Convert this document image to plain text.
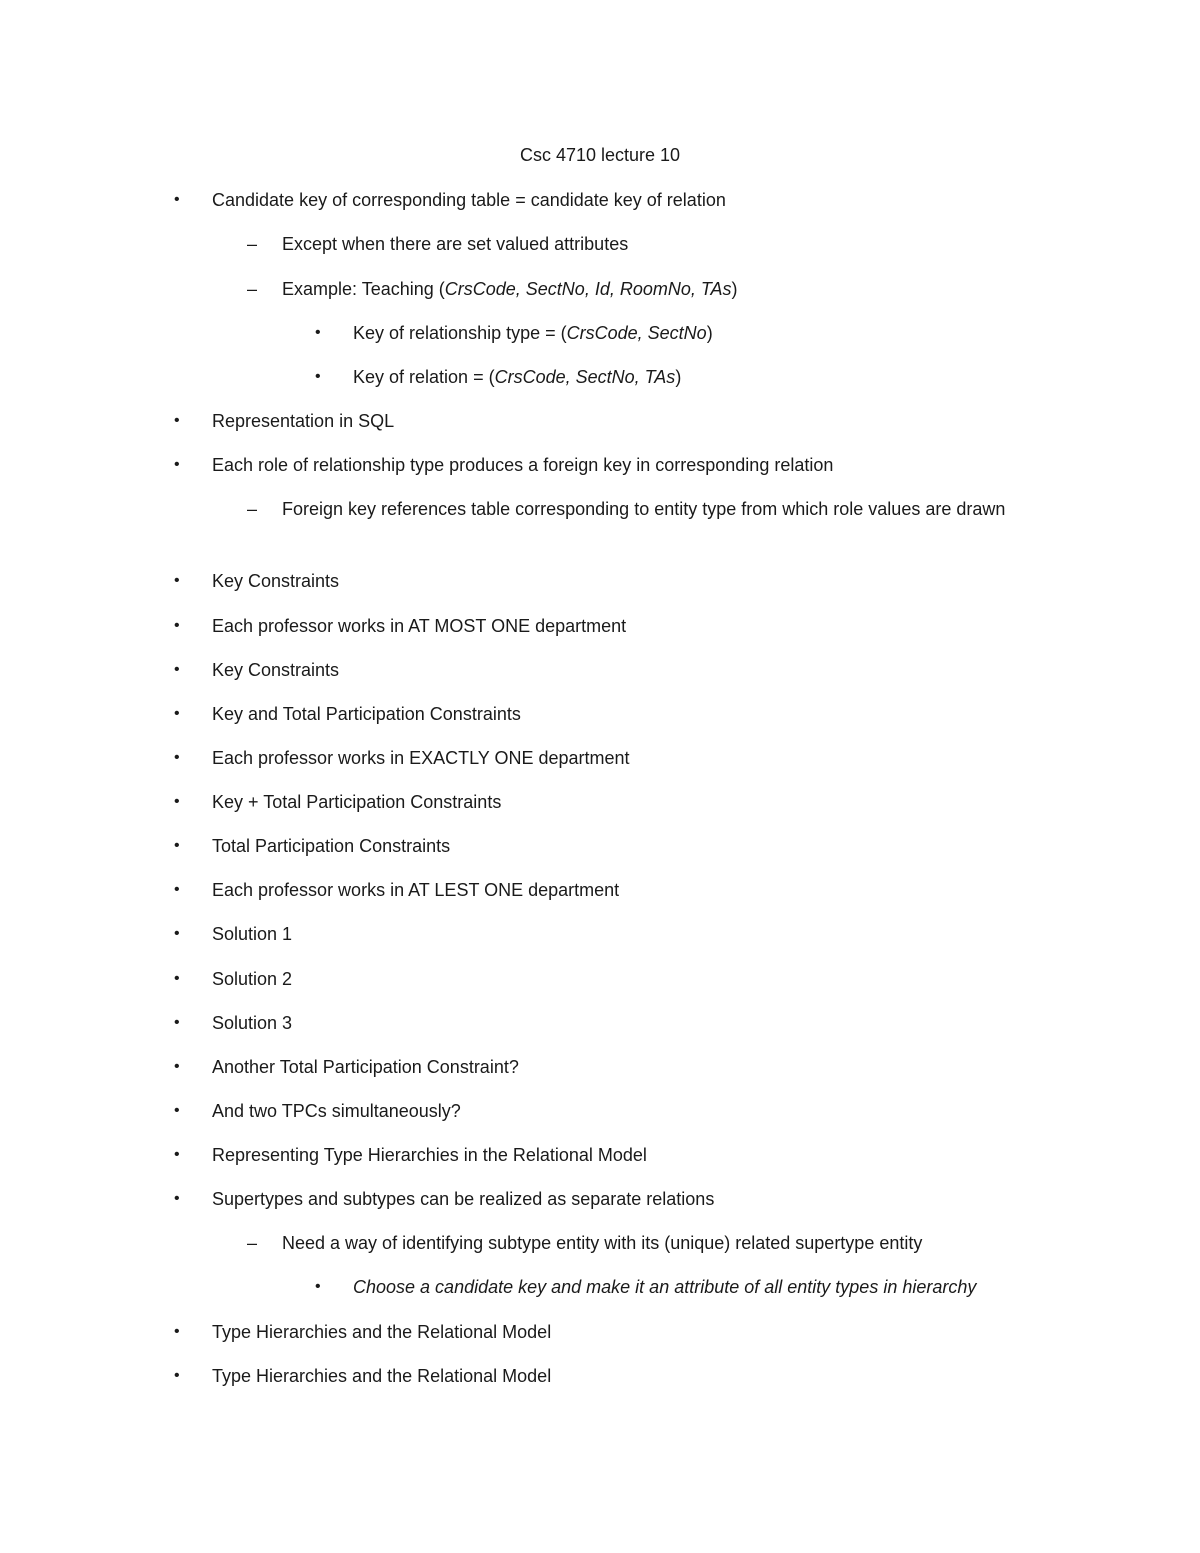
Csc 4710 lecture 10
• Candidate key of corresponding table = candidate key of relation
– Except when there are set valued attributes
– Example: Teaching (CrsCode, SectNo, Id, RoomNo, TAs)
• Key of relationship type = (CrsCode, SectNo)
• Key of relation = (CrsCode, SectNo, TAs)
• Representation in SQL
• Each role of relationship type produces a foreign key in corresponding relation
– Foreign key references table corresponding to entity type from which role values are drawn
• Key Constraints
• Each professor works in AT MOST ONE department
• Key Constraints
• Key and Total Participation Constraints
• Each professor works in EXACTLY ONE department
• Key + Total Participation Constraints
• Total Participation Constraints
• Each professor works in AT LEST ONE department
• Solution 1
• Solution 2
• Solution 3
• Another Total Participation Constraint?
• And two TPCs simultaneously?
• Representing Type Hierarchies in the Relational Model
• Supertypes and subtypes can be realized as separate relations
– Need a way of identifying subtype entity with its (unique) related supertype entity
• Choose a candidate key and make it an attribute of all entity types in hierarchy
• Type Hierarchies and the Relational Model
• Type Hierarchies and the Relational Model
